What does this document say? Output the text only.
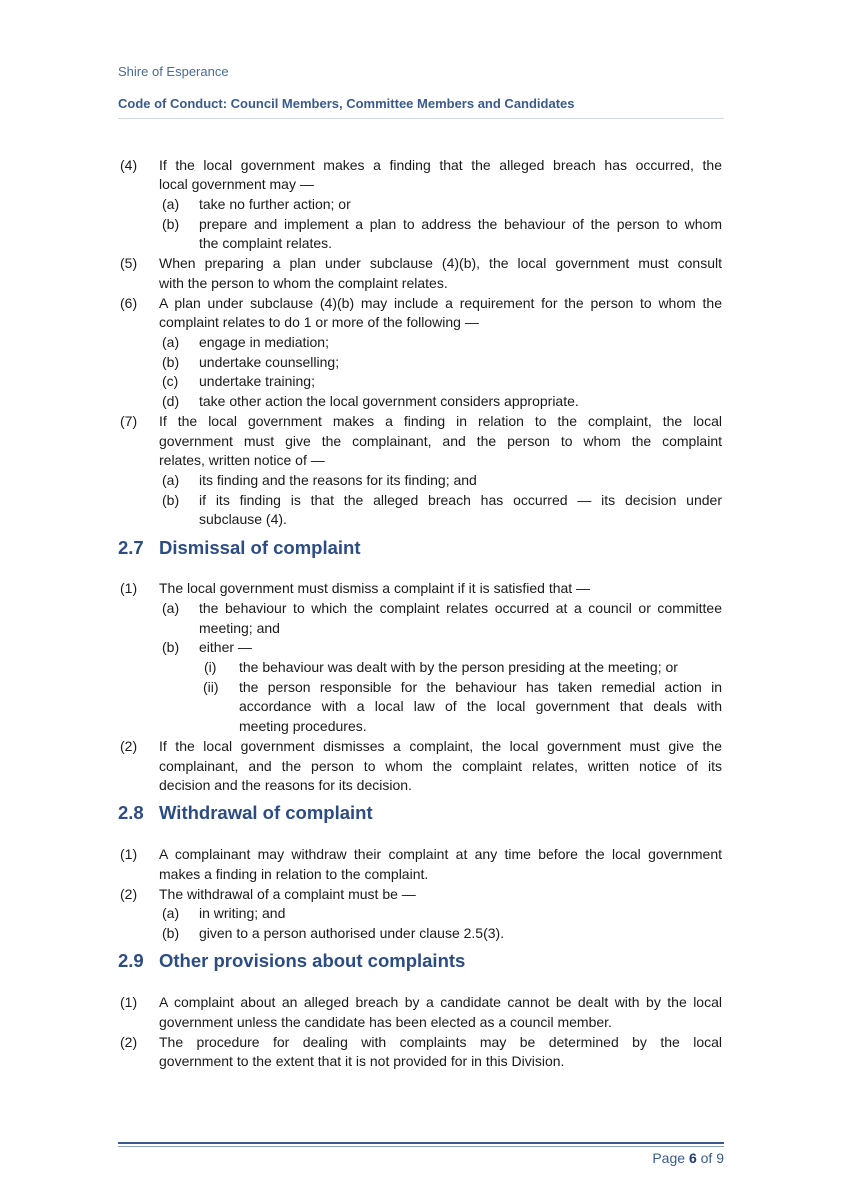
Shire of Esperance
Code of Conduct: Council Members, Committee Members and Candidates
(4) If the local government makes a finding that the alleged breach has occurred, the
local government may —
(a) take no further action; or
(b) prepare and implement a plan to address the behaviour of the person to whom
the complaint relates.
(5) When preparing a plan under subclause (4)(b), the local government must consult
with the person to whom the complaint relates.
(6) A plan under subclause (4)(b) may include a requirement for the person to whom the
complaint relates to do 1 or more of the following —
(a) engage in mediation;
(b) undertake counselling;
(c) undertake training;
(d) take other action the local government considers appropriate.
(7) If the local government makes a finding in relation to the complaint, the local
government must give the complainant, and the person to whom the complaint
relates, written notice of —
(a) its finding and the reasons for its finding; and
(b) if its finding is that the alleged breach has occurred — its decision under
subclause (4).
(1) The local government must dismiss a complaint if it is satisfied that —
(a) the behaviour to which the complaint relates occurred at a council or committee
meeting; and
(b) either —
(i) the behaviour was dealt with by the person presiding at the meeting; or
(ii) the person responsible for the behaviour has taken remedial action in
accordance with a local law of the local government that deals with
meeting procedures.
(2) If the local government dismisses a complaint, the local government must give the
complainant, and the person to whom the complaint relates, written notice of its
decision and the reasons for its decision.
(1) A complainant may withdraw their complaint at any time before the local government
makes a finding in relation to the complaint.
(2) The withdrawal of a complaint must be —
(a) in writing; and
(b) given to a person authorised under clause 2.5(3).
(1) A complaint about an alleged breach by a candidate cannot be dealt with by the local
government unless the candidate has been elected as a council member.
(2) The procedure for dealing with complaints may be determined by the local
government to the extent that it is not provided for in this Division.
2.7 Dismissal of complaint
2.8 Withdrawal of complaint
2.9 Other provisions about complaints
Page 6 of 9
